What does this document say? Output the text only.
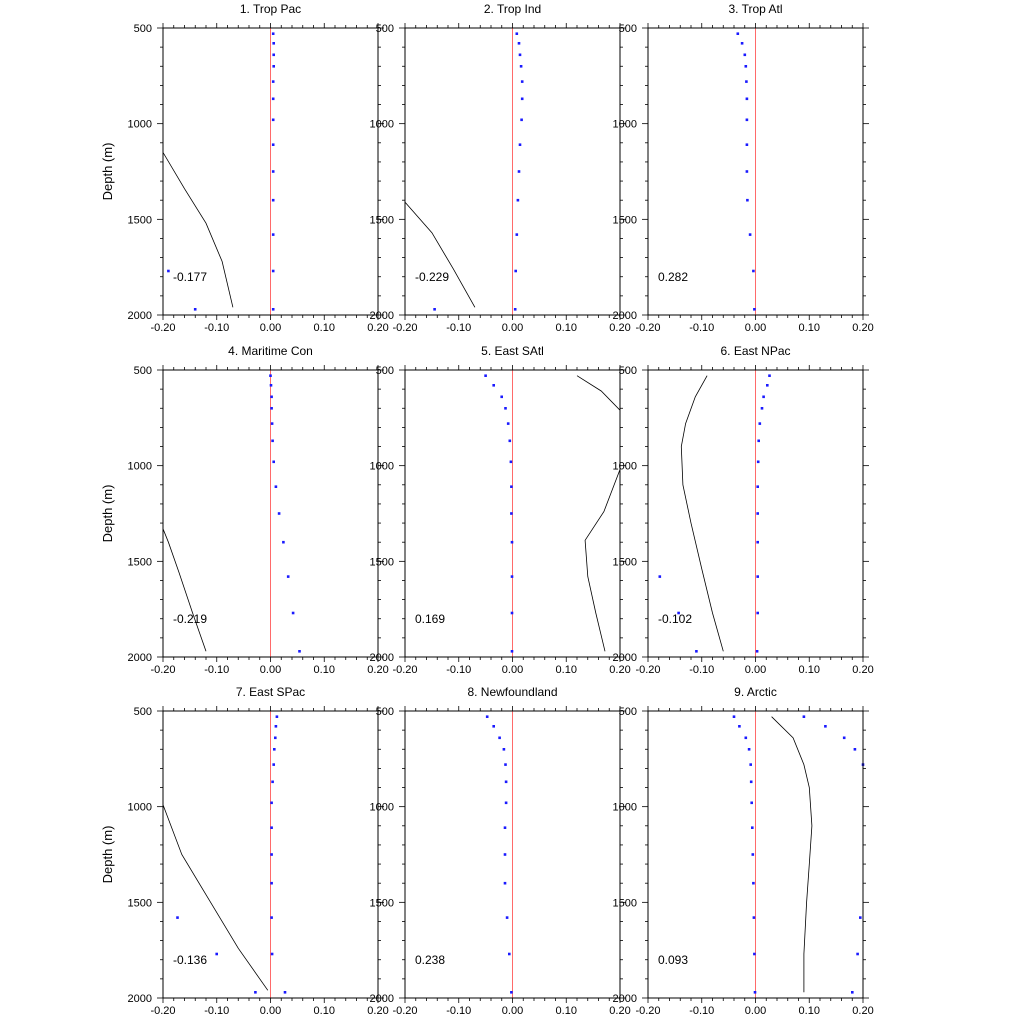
1. Trop Pac
-0.20	-0.10	0.00	0.10	0.20
500
1000
1500
2000
-0.177
Depth (m)
2. Trop Ind
-0.20	-0.10	0.00	0.10	0.20
500
1000
1500
2000
-0.229
3. Trop Atl
-0.20	-0.10	0.00	0.10	0.20
500
1000
1500
2000
0.282
4. Maritime Con
-0.20	-0.10	0.00	0.10	0.20
500
1000
1500
2000
-0.219
Depth (m)
5. East SAtl
-0.20	-0.10	0.00	0.10	0.20
500
1000
1500
2000
0.169
6. East NPac
-0.20	-0.10	0.00	0.10	0.20
500
1000
1500
2000
-0.102
7. East SPac
-0.20	-0.10	0.00	0.10	0.20
500
1000
1500
2000
-0.136
Depth (m)
8. Newfoundland
-0.20	-0.10	0.00	0.10	0.20
500
1000
1500
2000
0.238
9. Arctic
-0.20	-0.10	0.00	0.10	0.20
500
1000
1500
2000
0.093
